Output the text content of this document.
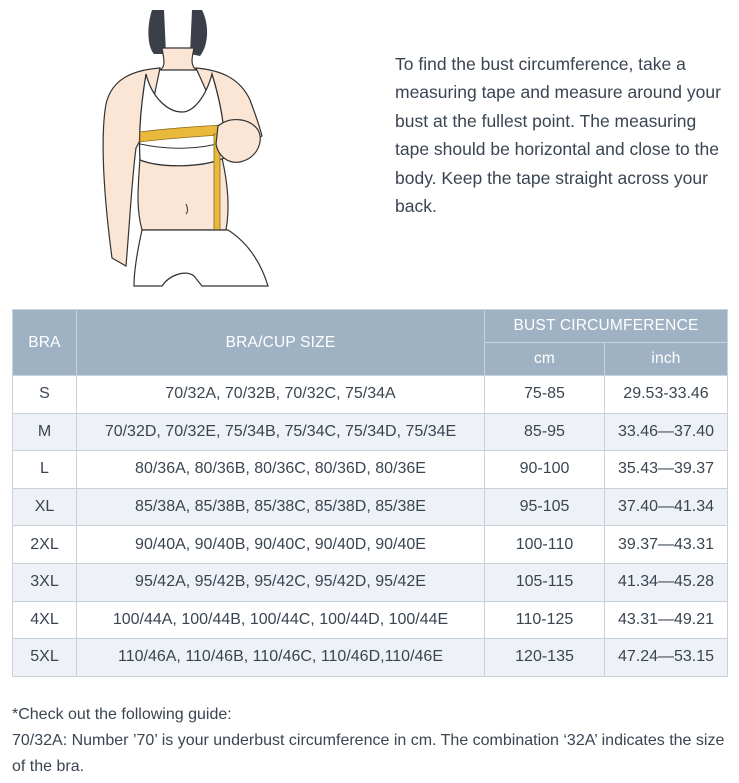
To find the bust circumference, take a measuring tape and measure around your bust at the fullest point. The measuring tape should be horizontal and close to the body. Keep the tape straight across your back.

BRA	BRA/CUP SIZE	BUST CIRCUMFERENCE	
		cm	inch
S	70/32A, 70/32B, 70/32C, 75/34A	75-85	29.53-33.46
M	70/32D, 70/32E, 75/34B, 75/34C, 75/34D, 75/34E	85-95	33.46—37.40
L	80/36A, 80/36B, 80/36C, 80/36D, 80/36E	90-100	35.43—39.37
XL	85/38A, 85/38B, 85/38C, 85/38D, 85/38E	95-105	37.40—41.34
2XL	90/40A, 90/40B, 90/40C, 90/40D, 90/40E	100-110	39.37—43.31
3XL	95/42A, 95/42B, 95/42C, 95/42D, 95/42E	105-115	41.34—45.28
4XL	100/44A, 100/44B, 100/44C, 100/44D, 100/44E	110-125	43.31—49.21
5XL	110/46A, 110/46B, 110/46C, 110/46D,110/46E	120-135	47.24—53.15
*Check out the following guide:
70/32A: Number ’70’ is your underbust circumference in cm. The combination ‘32A’ indicates the size of the bra.
